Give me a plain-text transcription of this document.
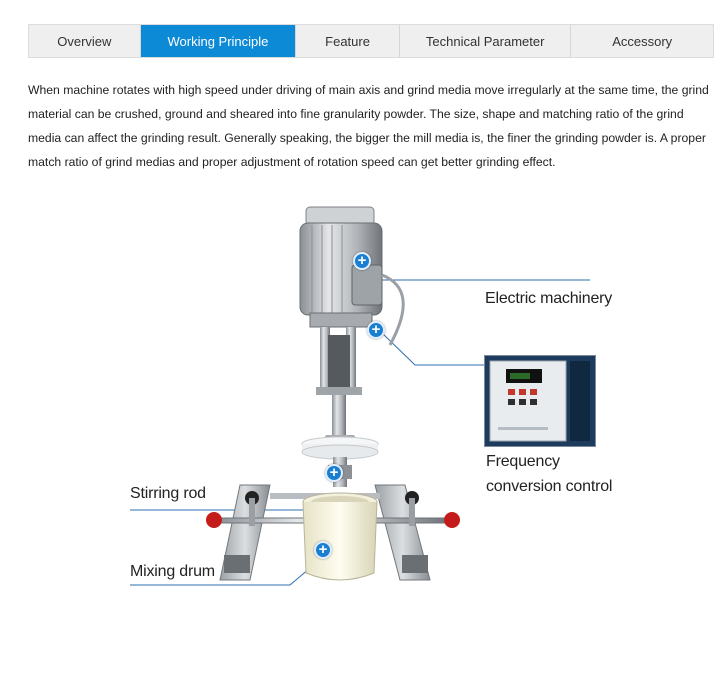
Overview	Working Principle	Feature	Technical Parameter	Accessory

When machine rotates with high speed under driving of main axis and grind media move irregularly at the same time, the grind material can be crushed, ground and sheared into fine granularity powder. The size, shape and matching ratio of the grind media can affect the grinding result. Generally speaking, the bigger the mill media is, the finer the grinding powder is. A proper match ratio of grind medias and proper adjustment of rotation speed can get better grinding effect.

Electric machinery
Frequency
conversion control
Stirring rod
Mixing drum
+
+
+
+
